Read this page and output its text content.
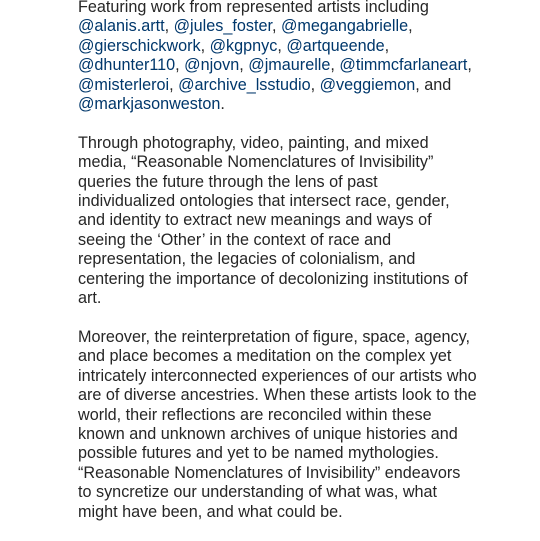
Featuring work from represented artists including @alanis.artt, @jules_foster, @megangabrielle, @gierschickwork, @kgpnyc, @artqueende, @dhunter110, @njovn, @jmaurelle, @timmcfarlaneart, @misterleroi, @archive_lsstudio, @veggiemon, and @markjasonweston.

Through photography, video, painting, and mixed media, “Reasonable Nomenclatures of Invisibility” queries the future through the lens of past individualized ontologies that intersect race, gender, and identity to extract new meanings and ways of seeing the ‘Other’ in the context of race and representation, the legacies of colonialism, and centering the importance of decolonizing institutions of art.

Moreover, the reinterpretation of figure, space, agency, and place becomes a meditation on the complex yet intricately interconnected experiences of our artists who are of diverse ancestries. When these artists look to the world, their reflections are reconciled within these known and unknown archives of unique histories and possible futures and yet to be named mythologies. “Reasonable Nomenclatures of Invisibility” endeavors to syncretize our understanding of what was, what might have been, and what could be.
